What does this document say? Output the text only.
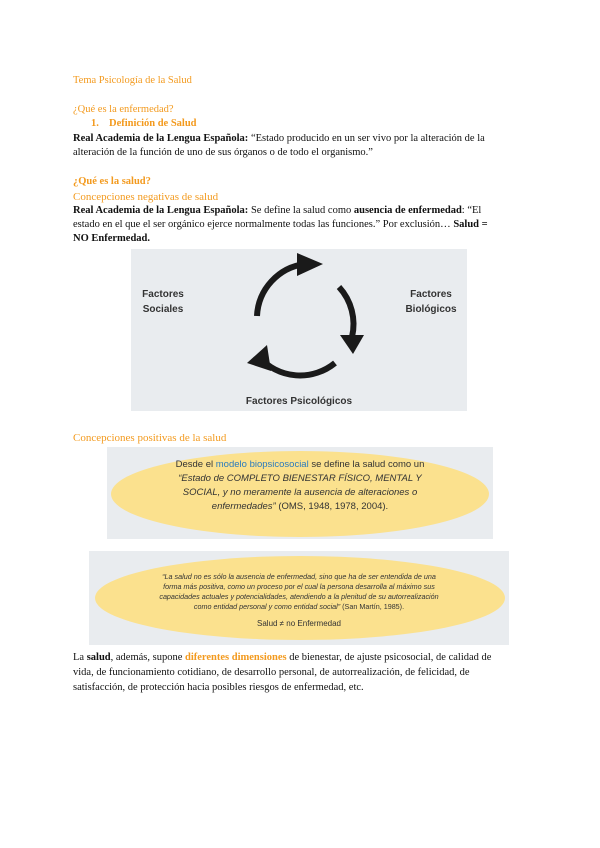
Tema Psicología de la Salud
¿Qué es la enfermedad?
1. Definición de Salud
Real Academia de la Lengua Española: “Estado producido en un ser vivo por la alteración de la
alteración de la función de uno de sus órganos o de todo el organismo.”
¿Qué es la salud?
Concepciones negativas de salud
Real Academia de la Lengua Española: Se define la salud como ausencia de enfermedad: “El
estado en el que el ser orgánico ejerce normalmente todas las funciones.” Por exclusión… Salud =
NO Enfermedad.
Factores
Sociales
Factores
Biológicos
Factores Psicológicos
Concepciones positivas de la salud
Desde el modelo biopsicosocial se define la salud como un
“Estado de COMPLETO BIENESTAR FÍSICO, MENTAL Y
SOCIAL, y no meramente la ausencia de alteraciones o
enfermedades” (OMS, 1948, 1978, 2004).
“La salud no es sólo la ausencia de enfermedad, sino que ha de ser entendida de una
forma más positiva, como un proceso por el cual la persona desarrolla al máximo sus
capacidades actuales y potencialidades, atendiendo a la plenitud de su autorrealización
como entidad personal y como entidad social” (San Martín, 1985).
Salud ≠ no Enfermedad
La salud, además, supone diferentes dimensiones de bienestar, de ajuste psicosocial, de calidad de
vida, de funcionamiento cotidiano, de desarrollo personal, de autorrealización, de felicidad, de
satisfacción, de protección hacia posibles riesgos de enfermedad, etc.
